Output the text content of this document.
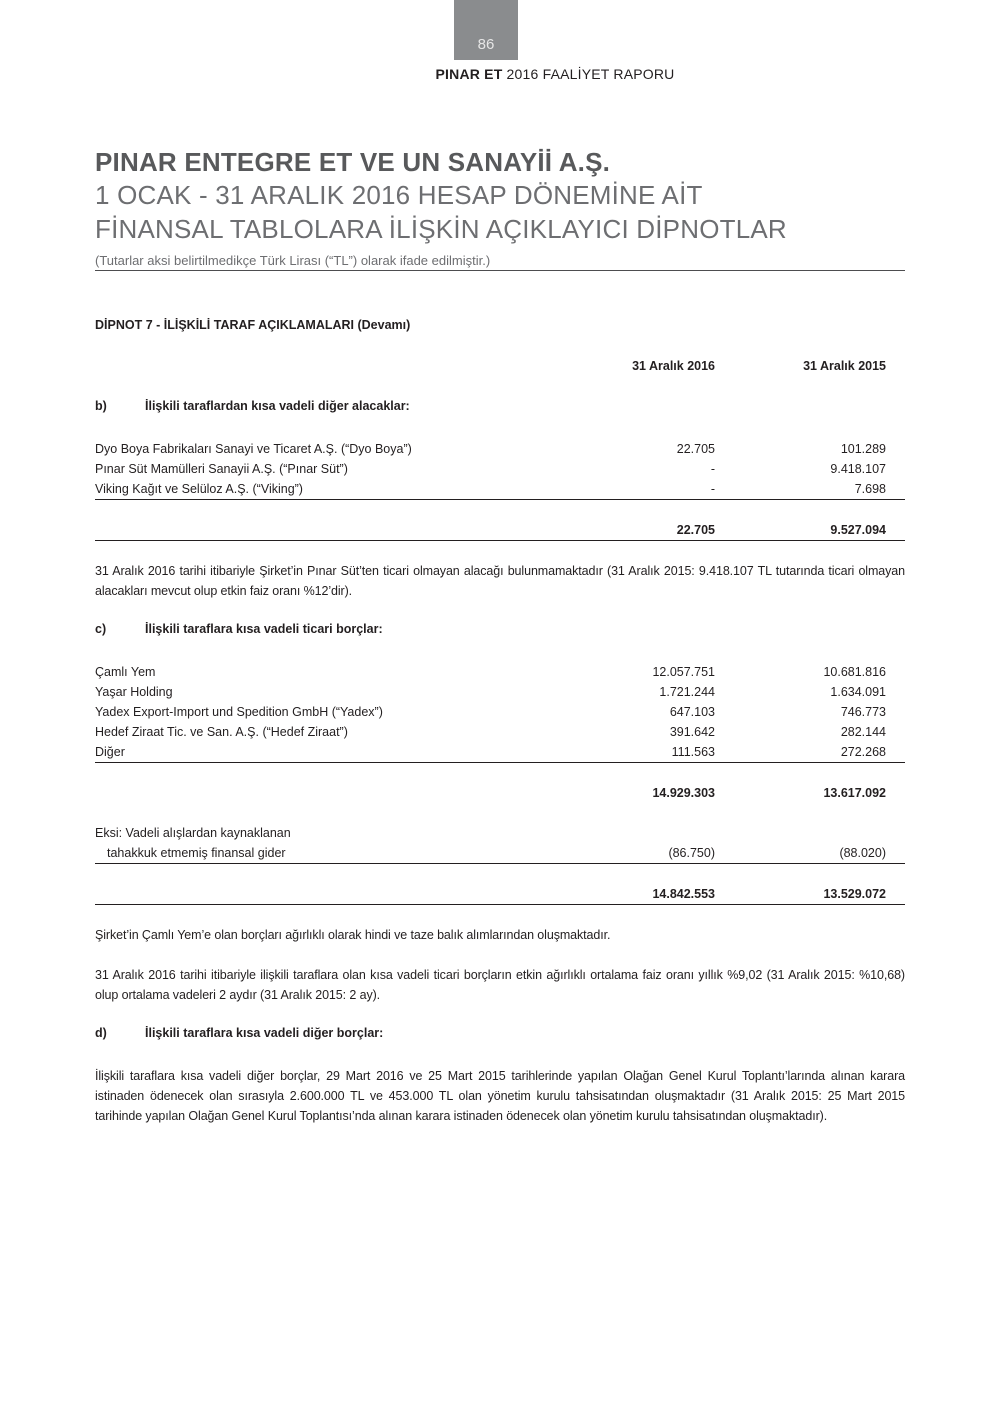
86
PINAR ET 2016 FAALİYET RAPORU
PINAR ENTEGRE ET VE UN SANAYİİ A.Ş.
1 OCAK - 31 ARALIK 2016 HESAP DÖNEMİNE AİT
FİNANSAL TABLOLARA İLİŞKİN AÇIKLAYICI DİPNOTLAR
(Tutarlar aksi belirtilmedikçe Türk Lirası (“TL”) olarak ifade edilmiştir.)
DİPNOT 7 - İLİŞKİLİ TARAF AÇIKLAMALARI (Devamı)
31 Aralık 2016	31 Aralık 2015
b)	İlişkili taraflardan kısa vadeli diğer alacaklar:
Dyo Boya Fabrikaları Sanayi ve Ticaret A.Ş. (“Dyo Boya”)	22.705	101.289
Pınar Süt Mamülleri Sanayii A.Ş. (“Pınar Süt”)	-	9.418.107
Viking Kağıt ve Selüloz A.Ş. (“Viking”)	-	7.698
22.705	9.527.094
31 Aralık 2016 tarihi itibariyle Şirket’in Pınar Süt’ten ticari olmayan alacağı bulunmamaktadır (31 Aralık 2015: 9.418.107 TL tutarında ticari olmayan alacakları mevcut olup etkin faiz oranı %12’dir).
c)	İlişkili taraflara kısa vadeli ticari borçlar:
Çamlı Yem	12.057.751	10.681.816
Yaşar Holding	1.721.244	1.634.091
Yadex Export-Import und Spedition GmbH (“Yadex”)	647.103	746.773
Hedef Ziraat Tic. ve San. A.Ş. (“Hedef Ziraat”)	391.642	282.144
Diğer	111.563	272.268
14.929.303	13.617.092
Eksi: Vadeli alışlardan kaynaklanan
tahakkuk etmemiş finansal gider	(86.750)	(88.020)
14.842.553	13.529.072
Şirket’in Çamlı Yem’e olan borçları ağırlıklı olarak hindi ve taze balık alımlarından oluşmaktadır.
31 Aralık 2016 tarihi itibariyle ilişkili taraflara olan kısa vadeli ticari borçların etkin ağırlıklı ortalama faiz oranı yıllık %9,02 (31 Aralık 2015: %10,68) olup ortalama vadeleri 2 aydır (31 Aralık 2015: 2 ay).
d)	İlişkili taraflara kısa vadeli diğer borçlar:
İlişkili taraflara kısa vadeli diğer borçlar, 29 Mart 2016 ve 25 Mart 2015 tarihlerinde yapılan Olağan Genel Kurul Toplantı’larında alınan karara istinaden ödenecek olan sırasıyla 2.600.000 TL ve 453.000 TL olan yönetim kurulu tahsisatından oluşmaktadır (31 Aralık 2015: 25 Mart 2015 tarihinde yapılan Olağan Genel Kurul Toplantısı’nda alınan karara istinaden ödenecek olan yönetim kurulu tahsisatından oluşmaktadır).
